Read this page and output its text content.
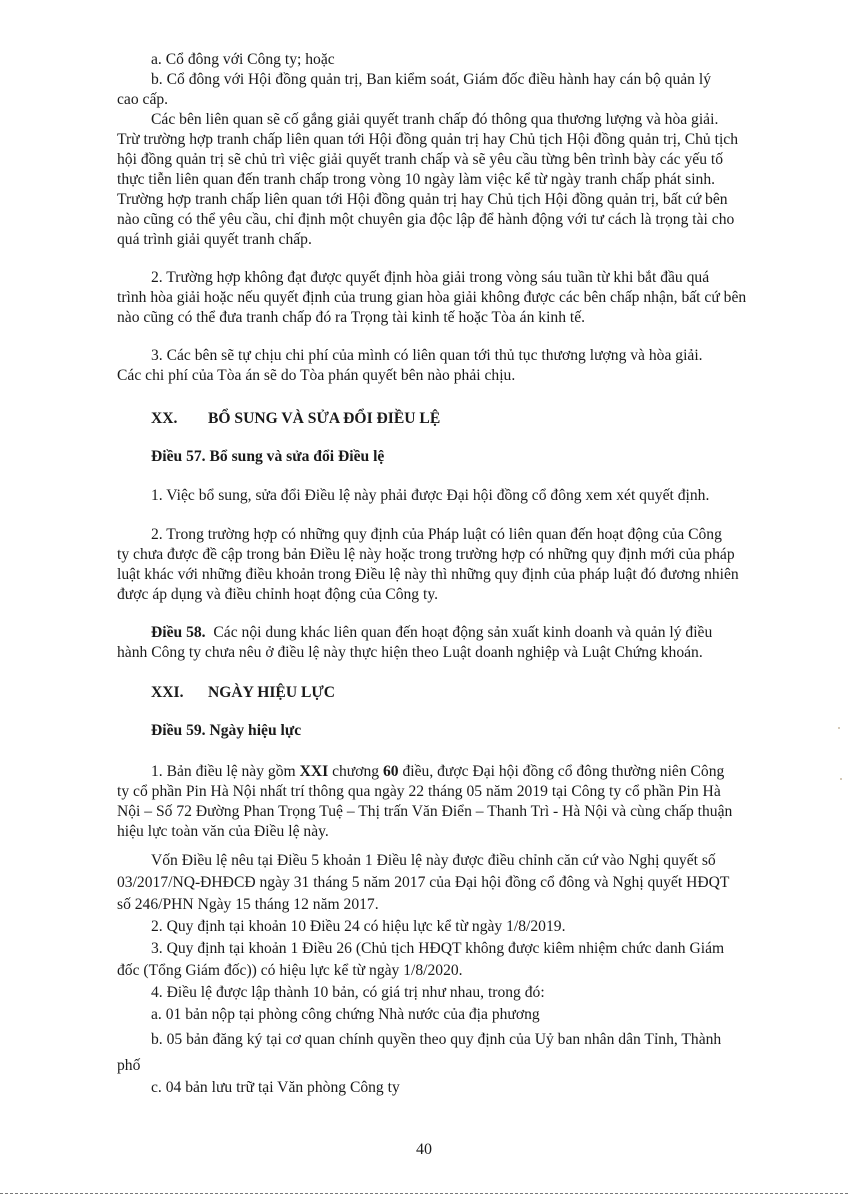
a. Cổ đông với Công ty; hoặc
b. Cổ đông với Hội đồng quản trị, Ban kiểm soát, Giám đốc điều hành hay cán bộ quản lý
cao cấp.
Các bên liên quan sẽ cố gắng giải quyết tranh chấp đó thông qua thương lượng và hòa giải.
Trừ trường hợp tranh chấp liên quan tới Hội đồng quản trị hay Chủ tịch Hội đồng quản trị, Chủ tịch
hội đồng quản trị sẽ chủ trì việc giải quyết tranh chấp và sẽ yêu cầu từng bên trình bày các yếu tố
thực tiễn liên quan đến tranh chấp trong vòng 10 ngày làm việc kể từ ngày tranh chấp phát sinh.
Trường hợp tranh chấp liên quan tới Hội đồng quản trị hay Chủ tịch Hội đồng quản trị, bất cứ bên
nào cũng có thể yêu cầu, chỉ định một chuyên gia độc lập để hành động với tư cách là trọng tài cho
quá trình giải quyết tranh chấp.
2. Trường hợp không đạt được quyết định hòa giải trong vòng sáu tuần từ khi bắt đầu quá
trình hòa giải hoặc nếu quyết định của trung gian hòa giải không được các bên chấp nhận, bất cứ bên
nào cũng có thể đưa tranh chấp đó ra Trọng tài kinh tế hoặc Tòa án kinh tế.
3. Các bên sẽ tự chịu chi phí của mình có liên quan tới thủ tục thương lượng và hòa giải.
Các chi phí của Tòa án sẽ do Tòa phán quyết bên nào phải chịu.
XX. BỔ SUNG VÀ SỬA ĐỔI ĐIỀU LỆ
Điều 57. Bổ sung và sửa đổi Điều lệ
1. Việc bổ sung, sửa đổi Điều lệ này phải được Đại hội đồng cổ đông xem xét quyết định.
2. Trong trường hợp có những quy định của Pháp luật có liên quan đến hoạt động của Công
ty chưa được đề cập trong bản Điều lệ này hoặc trong trường hợp có những quy định mới của pháp
luật khác với những điều khoản trong Điều lệ này thì những quy định của pháp luật đó đương nhiên
được áp dụng và điều chỉnh hoạt động của Công ty.
Điều 58. Các nội dung khác liên quan đến hoạt động sản xuất kinh doanh và quản lý điều
hành Công ty chưa nêu ở điều lệ này thực hiện theo Luật doanh nghiệp và Luật Chứng khoán.
XXI. NGÀY HIỆU LỰC
Điều 59. Ngày hiệu lực
1. Bản điều lệ này gồm XXI chương 60 điều, được Đại hội đồng cổ đông thường niên Công
ty cổ phần Pin Hà Nội nhất trí thông qua ngày 22 tháng 05 năm 2019 tại Công ty cổ phần Pin Hà
Nội – Số 72 Đường Phan Trọng Tuệ – Thị trấn Văn Điển – Thanh Trì - Hà Nội và cùng chấp thuận
hiệu lực toàn văn của Điều lệ này.
Vốn Điều lệ nêu tại Điều 5 khoản 1 Điều lệ này được điều chỉnh căn cứ vào Nghị quyết số
03/2017/NQ-ĐHĐCĐ ngày 31 tháng 5 năm 2017 của Đại hội đồng cổ đông và Nghị quyết HĐQT
số 246/PHN Ngày 15 tháng 12 năm 2017.
2. Quy định tại khoản 10 Điều 24 có hiệu lực kể từ ngày 1/8/2019.
3. Quy định tại khoản 1 Điều 26 (Chủ tịch HĐQT không được kiêm nhiệm chức danh Giám
đốc (Tổng Giám đốc)) có hiệu lực kể từ ngày 1/8/2020.
4. Điều lệ được lập thành 10 bản, có giá trị như nhau, trong đó:
a. 01 bản nộp tại phòng công chứng Nhà nước của địa phương
b. 05 bản đăng ký tại cơ quan chính quyền theo quy định của Uỷ ban nhân dân Tỉnh, Thành
phố
c. 04 bản lưu trữ tại Văn phòng Công ty
40
